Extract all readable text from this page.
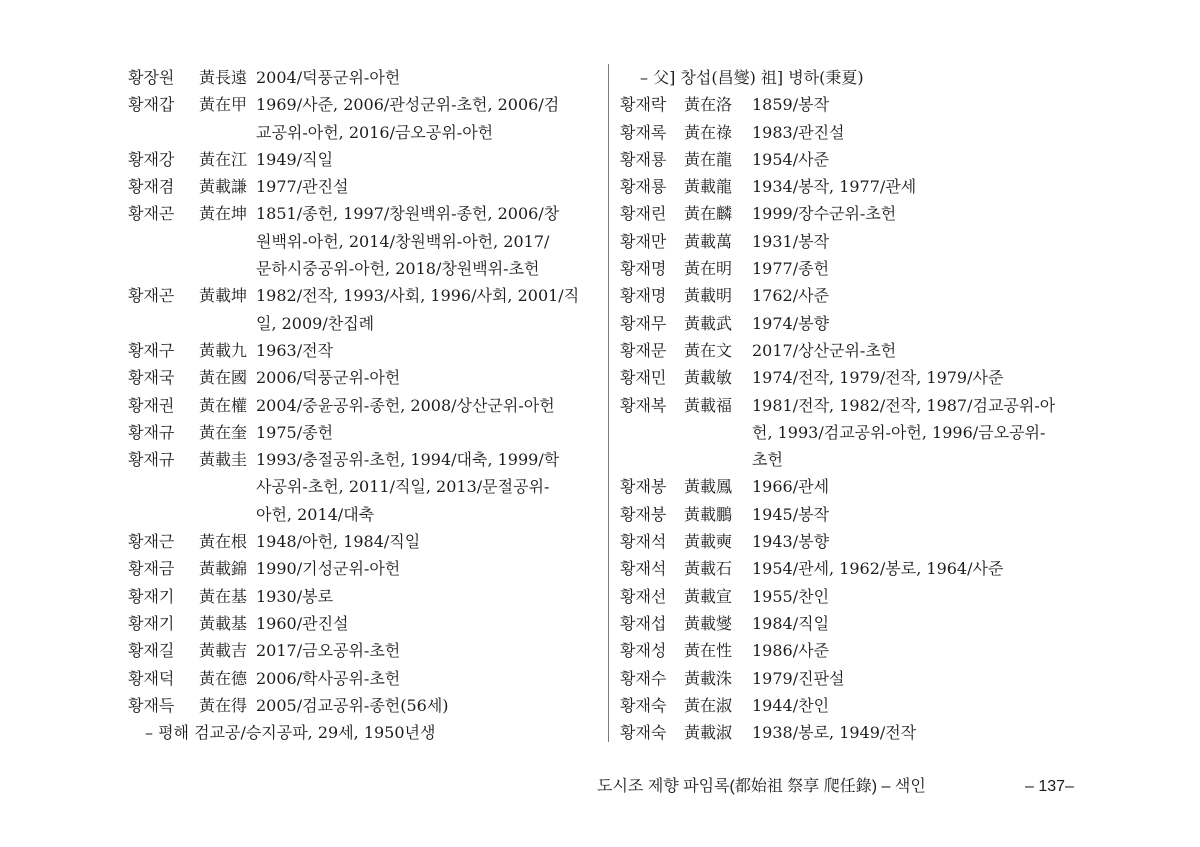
황장원	黃長遠 2004/덕풍군위-아헌
황재갑	黃在甲 1969/사준, 2006/관성군위-초헌, 2006/검
교공위-아헌, 2016/금오공위-아헌
황재강	黃在江 1949/직일
황재겸	黃載謙 1977/관진설
황재곤	黃在坤 1851/종헌, 1997/창원백위-종헌, 2006/창
원백위-아헌, 2014/창원백위-아헌, 2017/
문하시중공위-아헌, 2018/창원백위-초헌
황재곤	黃載坤 1982/전작, 1993/사회, 1996/사회, 2001/직
일, 2009/찬집례
황재구	黃載九 1963/전작
황재국	黃在國 2006/덕풍군위-아헌
황재권	黃在權 2004/중윤공위-종헌, 2008/상산군위-아헌
황재규	黃在奎 1975/종헌
황재규	黃載圭 1993/충절공위-초헌, 1994/대축, 1999/학
사공위-초헌, 2011/직일, 2013/문절공위-
아헌, 2014/대축
황재근	黃在根 1948/아헌, 1984/직일
황재금	黃載錦 1990/기성군위-아헌
황재기	黃在基 1930/봉로
황재기	黃載基 1960/관진설
황재길	黃載吉 2017/금오공위-초헌
황재덕	黃在德 2006/학사공위-초헌
황재득	黃在得 2005/검교공위-종헌(56세)
– 평해 검교공/승지공파, 29세, 1950년생
– 父] 창섭(昌燮) 祖] 병하(秉夏)
황재락	黃在洛	1859/봉작
황재록	黃在祿	1983/관진설
황재룡	黃在龍	1954/사준
황재룡	黃載龍	1934/봉작, 1977/관세
황재린	黃在麟	1999/장수군위-초헌
황재만	黃載萬	1931/봉작
황재명	黃在明	1977/종헌
황재명	黃載明	1762/사준
황재무	黃載武	1974/봉향
황재문	黃在文	2017/상산군위-초헌
황재민	黃載敏	1974/전작, 1979/전작, 1979/사준
황재복	黃載福	1981/전작, 1982/전작, 1987/검교공위-아
헌, 1993/검교공위-아헌, 1996/금오공위-
초헌
황재봉	黃載鳳	1966/관세
황재붕	黃載鵬	1945/봉작
황재석	黃載奭	1943/봉향
황재석	黃載石	1954/관세, 1962/봉로, 1964/사준
황재선	黃載宣	1955/찬인
황재섭	黃載燮	1984/직일
황재성	黃在性	1986/사준
황재수	黃載洙	1979/진판설
황재숙	黃在淑	1944/찬인
황재숙	黃載淑	1938/봉로, 1949/전작
도시조 제향 파임록(都始祖 祭享 爬任錄) – 색인	– 137–
